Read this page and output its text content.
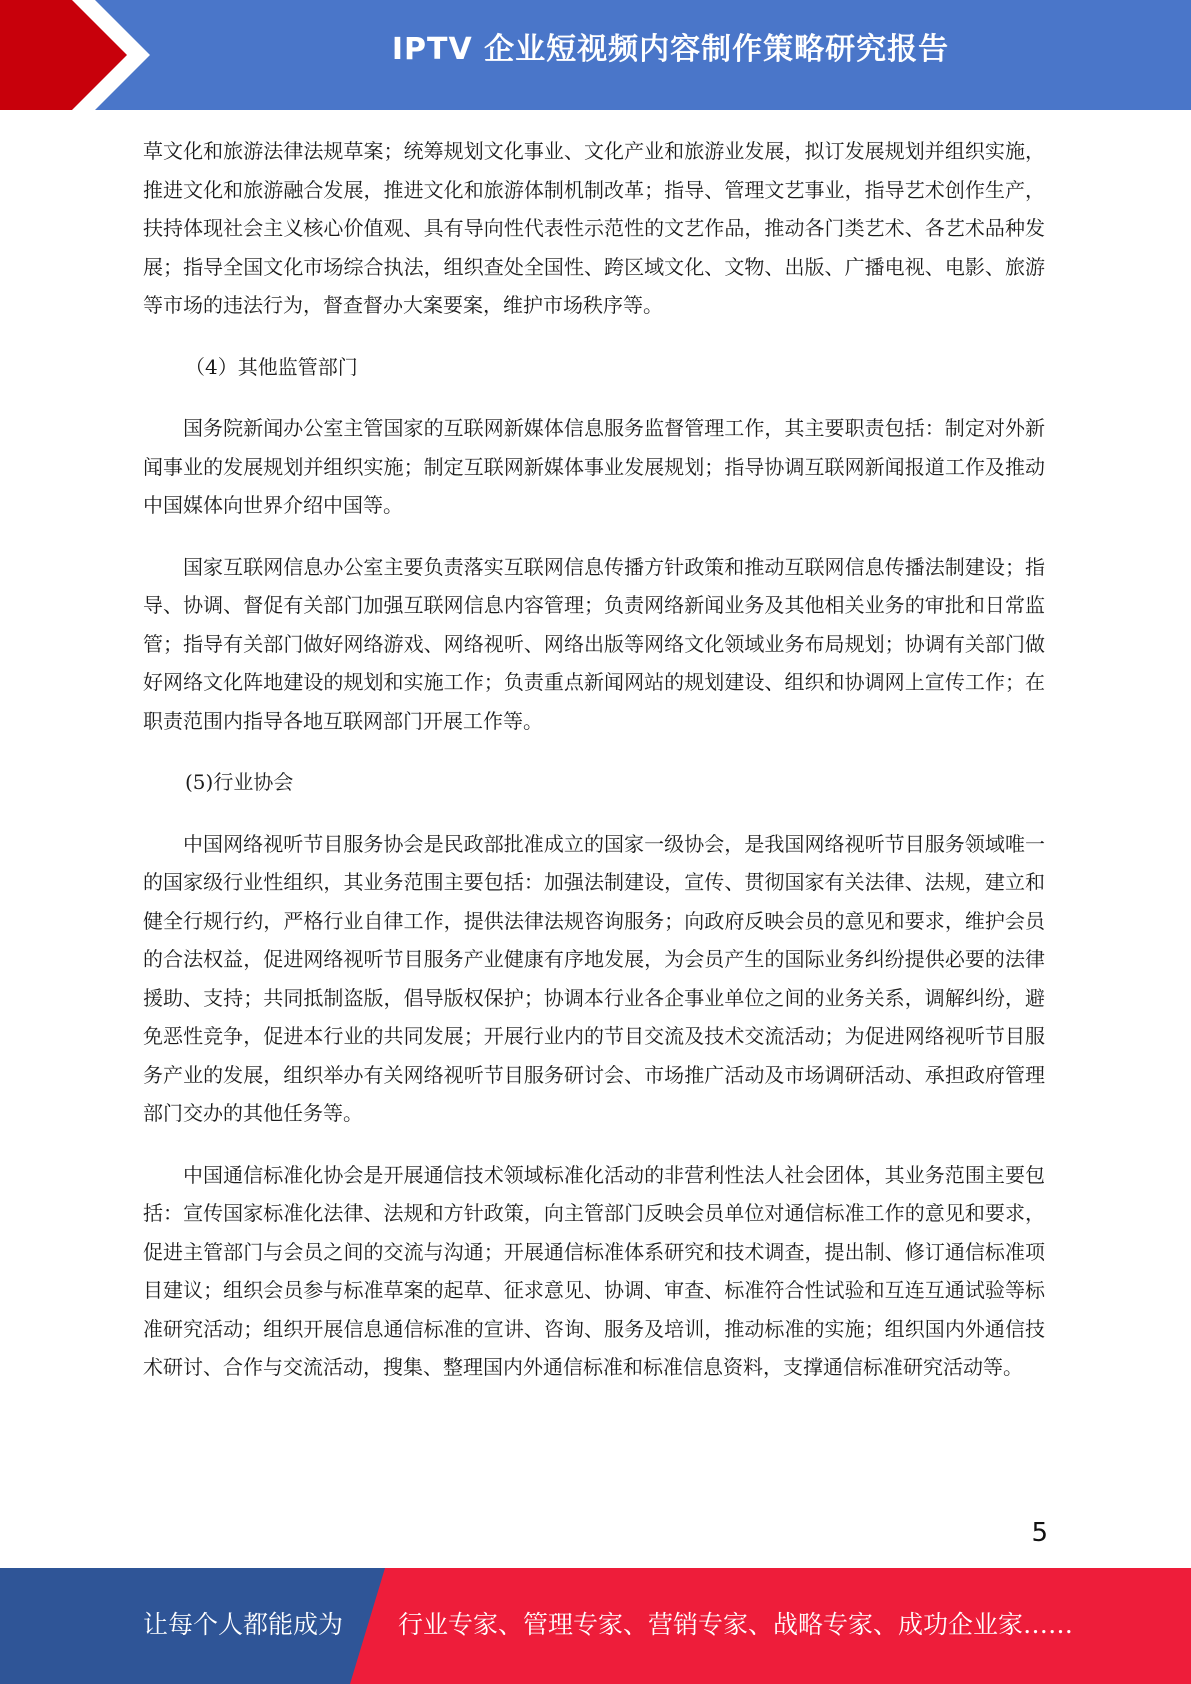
IPTV 企业短视频内容制作策略研究报告

草文化和旅游法律法规草案；统筹规划文化事业、文化产业和旅游业发展，拟订发展规划并组织实施，推进文化和旅游融合发展，推进文化和旅游体制机制改革；指导、管理文艺事业，指导艺术创作生产，扶持体现社会主义核心价值观、具有导向性代表性示范性的文艺作品，推动各门类艺术、各艺术品种发展；指导全国文化市场综合执法，组织查处全国性、跨区域文化、文物、出版、广播电视、电影、旅游等市场的违法行为，督查督办大案要案，维护市场秩序等。

（4）其他监管部门

国务院新闻办公室主管国家的互联网新媒体信息服务监督管理工作，其主要职责包括：制定对外新闻事业的发展规划并组织实施；制定互联网新媒体事业发展规划；指导协调互联网新闻报道工作及推动中国媒体向世界介绍中国等。

国家互联网信息办公室主要负责落实互联网信息传播方针政策和推动互联网信息传播法制建设；指导、协调、督促有关部门加强互联网信息内容管理；负责网络新闻业务及其他相关业务的审批和日常监管；指导有关部门做好网络游戏、网络视听、网络出版等网络文化领域业务布局规划；协调有关部门做好网络文化阵地建设的规划和实施工作；负责重点新闻网站的规划建设、组织和协调网上宣传工作；在职责范围内指导各地互联网部门开展工作等。

(5)行业协会

中国网络视听节目服务协会是民政部批准成立的国家一级协会，是我国网络视听节目服务领域唯一的国家级行业性组织，其业务范围主要包括：加强法制建设，宣传、贯彻国家有关法律、法规，建立和健全行规行约，严格行业自律工作，提供法律法规咨询服务；向政府反映会员的意见和要求，维护会员的合法权益，促进网络视听节目服务产业健康有序地发展，为会员产生的国际业务纠纷提供必要的法律援助、支持；共同抵制盗版，倡导版权保护；协调本行业各企事业单位之间的业务关系，调解纠纷，避免恶性竞争，促进本行业的共同发展；开展行业内的节目交流及技术交流活动；为促进网络视听节目服务产业的发展，组织举办有关网络视听节目服务研讨会、市场推广活动及市场调研活动、承担政府管理部门交办的其他任务等。

中国通信标准化协会是开展通信技术领域标准化活动的非营利性法人社会团体，其业务范围主要包括：宣传国家标准化法律、法规和方针政策，向主管部门反映会员单位对通信标准工作的意见和要求，促进主管部门与会员之间的交流与沟通；开展通信标准体系研究和技术调查，提出制、修订通信标准项目建议；组织会员参与标准草案的起草、征求意见、协调、审查、标准符合性试验和互连互通试验等标准研究活动；组织开展信息通信标准的宣讲、咨询、服务及培训，推动标准的实施；组织国内外通信技术研讨、合作与交流活动，搜集、整理国内外通信标准和标准信息资料，支撑通信标准研究活动等。

5
让每个人都能成为 行业专家、管理专家、营销专家、战略专家、成功企业家……
